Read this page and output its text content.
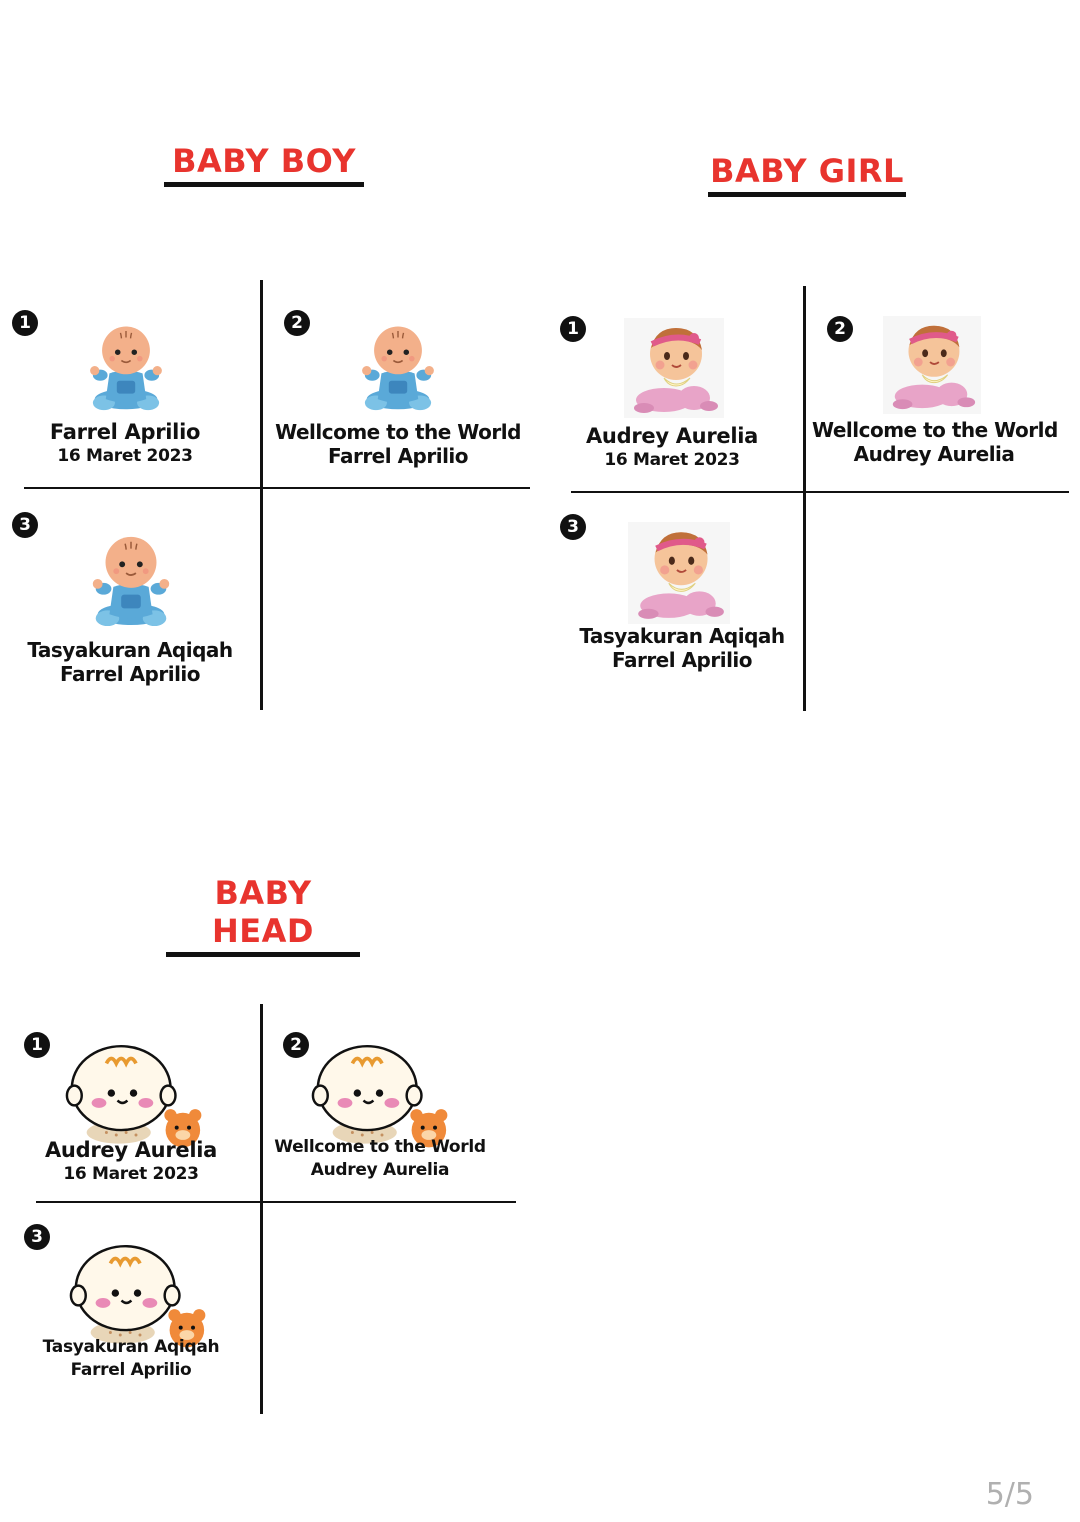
BABY BOY
1
Farrel Aprilio
16 Maret 2023
2
Wellcome to the World
Farrel Aprilio
3
Tasyakuran Aqiqah
Farrel Aprilio
BABY GIRL
1
Audrey Aurelia
16 Maret 2023
2
Wellcome to the World
Audrey Aurelia
3
Tasyakuran Aqiqah
Farrel Aprilio
BABY HEAD
1
Audrey Aurelia
16 Maret 2023
2
Wellcome to the World
Audrey Aurelia
3
Tasyakuran Aqiqah
Farrel Aprilio
5/5
